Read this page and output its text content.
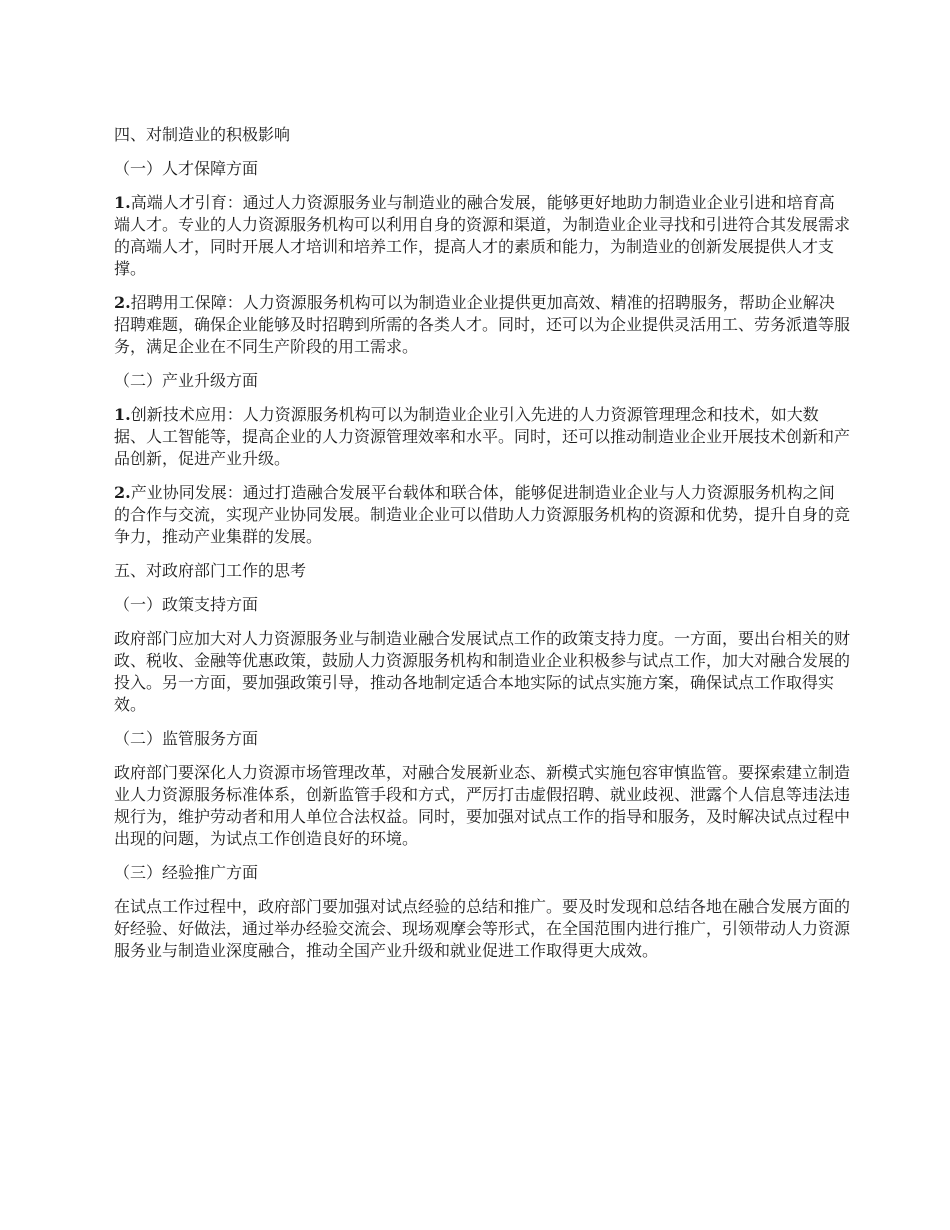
四、对制造业的积极影响
（一）人才保障方面

1.高端人才引育：通过人力资源服务业与制造业的融合发展，能够更好地助力制造业企业引进和培育高端人才。专业的人力资源服务机构可以利用自身的资源和渠道，为制造业企业寻找和引进符合其发展需求的高端人才，同时开展人才培训和培养工作，提高人才的素质和能力，为制造业的创新发展提供人才支撑。

2.招聘用工保障：人力资源服务机构可以为制造业企业提供更加高效、精准的招聘服务，帮助企业解决招聘难题，确保企业能够及时招聘到所需的各类人才。同时，还可以为企业提供灵活用工、劳务派遣等服务，满足企业在不同生产阶段的用工需求。

（二）产业升级方面

1.创新技术应用：人力资源服务机构可以为制造业企业引入先进的人力资源管理理念和技术，如大数据、人工智能等，提高企业的人力资源管理效率和水平。同时，还可以推动制造业企业开展技术创新和产品创新，促进产业升级。

2.产业协同发展：通过打造融合发展平台载体和联合体，能够促进制造业企业与人力资源服务机构之间的合作与交流，实现产业协同发展。制造业企业可以借助人力资源服务机构的资源和优势，提升自身的竞争力，推动产业集群的发展。

五、对政府部门工作的思考
（一）政策支持方面

政府部门应加大对人力资源服务业与制造业融合发展试点工作的政策支持力度。一方面，要出台相关的财政、税收、金融等优惠政策，鼓励人力资源服务机构和制造业企业积极参与试点工作，加大对融合发展的投入。另一方面，要加强政策引导，推动各地制定适合本地实际的试点实施方案，确保试点工作取得实效。

（二）监管服务方面

政府部门要深化人力资源市场管理改革，对融合发展新业态、新模式实施包容审慎监管。要探索建立制造业人力资源服务标准体系，创新监管手段和方式，严厉打击虚假招聘、就业歧视、泄露个人信息等违法违规行为，维护劳动者和用人单位合法权益。同时，要加强对试点工作的指导和服务，及时解决试点过程中出现的问题，为试点工作创造良好的环境。

（三）经验推广方面

在试点工作过程中，政府部门要加强对试点经验的总结和推广。要及时发现和总结各地在融合发展方面的好经验、好做法，通过举办经验交流会、现场观摩会等形式，在全国范围内进行推广，引领带动人力资源服务业与制造业深度融合，推动全国产业升级和就业促进工作取得更大成效。
